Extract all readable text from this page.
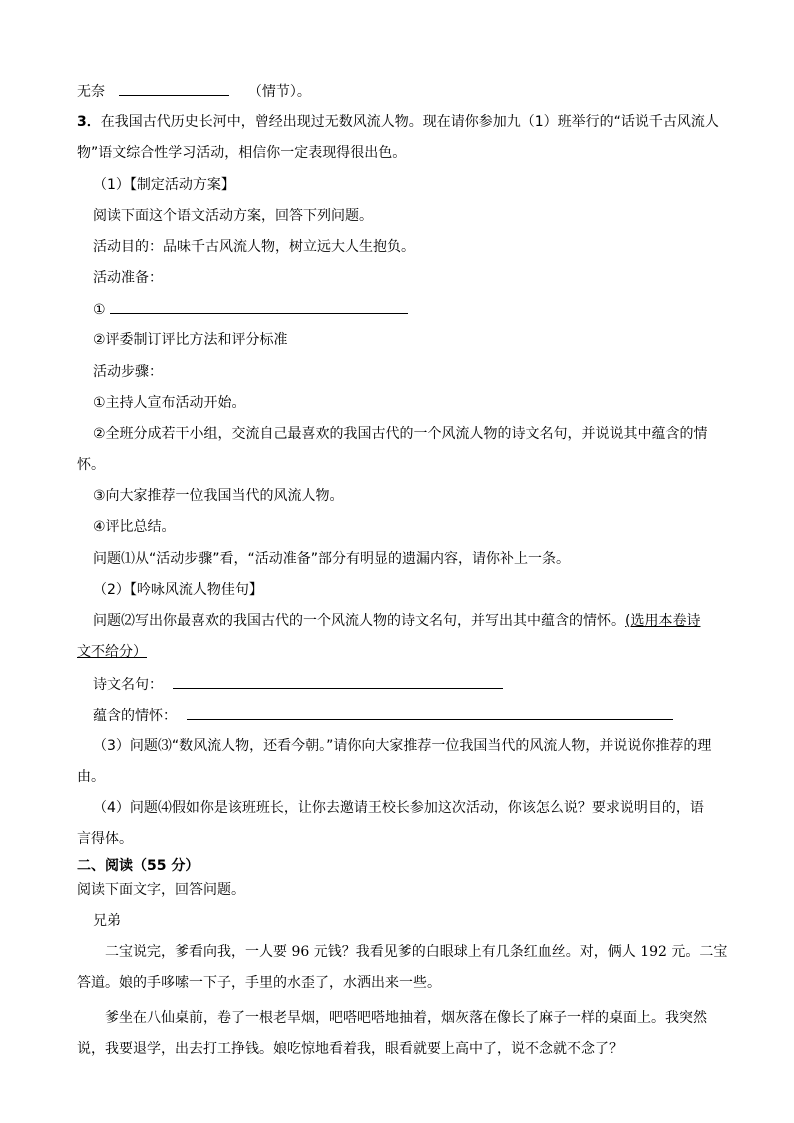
无奈	（情节）。
3．在我国古代历史长河中，曾经出现过无数风流人物。现在请你参加九（1）班举行的“话说千古风流人
物”语文综合性学习活动，相信你一定表现得很出色。
（1）【制定活动方案】
阅读下面这个语文活动方案，回答下列问题。
活动目的：品味千古风流人物，树立远大人生抱负。
活动准备：
①
②评委制订评比方法和评分标准
活动步骤：
①主持人宣布活动开始。
②全班分成若干小组，交流自己最喜欢的我国古代的一个风流人物的诗文名句，并说说其中蕴含的情
怀。
③向大家推荐一位我国当代的风流人物。
④评比总结。
问题⑴从“活动步骤”看，“活动准备”部分有明显的遗漏内容，请你补上一条。
（2）【吟咏风流人物佳句】
问题⑵写出你最喜欢的我国古代的一个风流人物的诗文名句，并写出其中蕴含的情怀。(选用本卷诗
文不给分）
诗文名句：
蕴含的情怀：
（3）问题⑶“数风流人物，还看今朝。”请你向大家推荐一位我国当代的风流人物，并说说你推荐的理
由。
（4）问题⑷假如你是该班班长，让你去邀请王校长参加这次活动，你该怎么说？要求说明目的，语
言得体。
二、阅读（55 分）
阅读下面文字，回答问题。
兄弟
二宝说完，爹看向我，一人要 96 元钱？我看见爹的白眼球上有几条红血丝。对，俩人 192 元。二宝
答道。娘的手哆嗦一下子，手里的水歪了，水洒出来一些。
爹坐在八仙桌前，卷了一根老旱烟，吧嗒吧嗒地抽着，烟灰落在像长了麻子一样的桌面上。我突然
说，我要退学，出去打工挣钱。娘吃惊地看着我，眼看就要上高中了，说不念就不念了？
